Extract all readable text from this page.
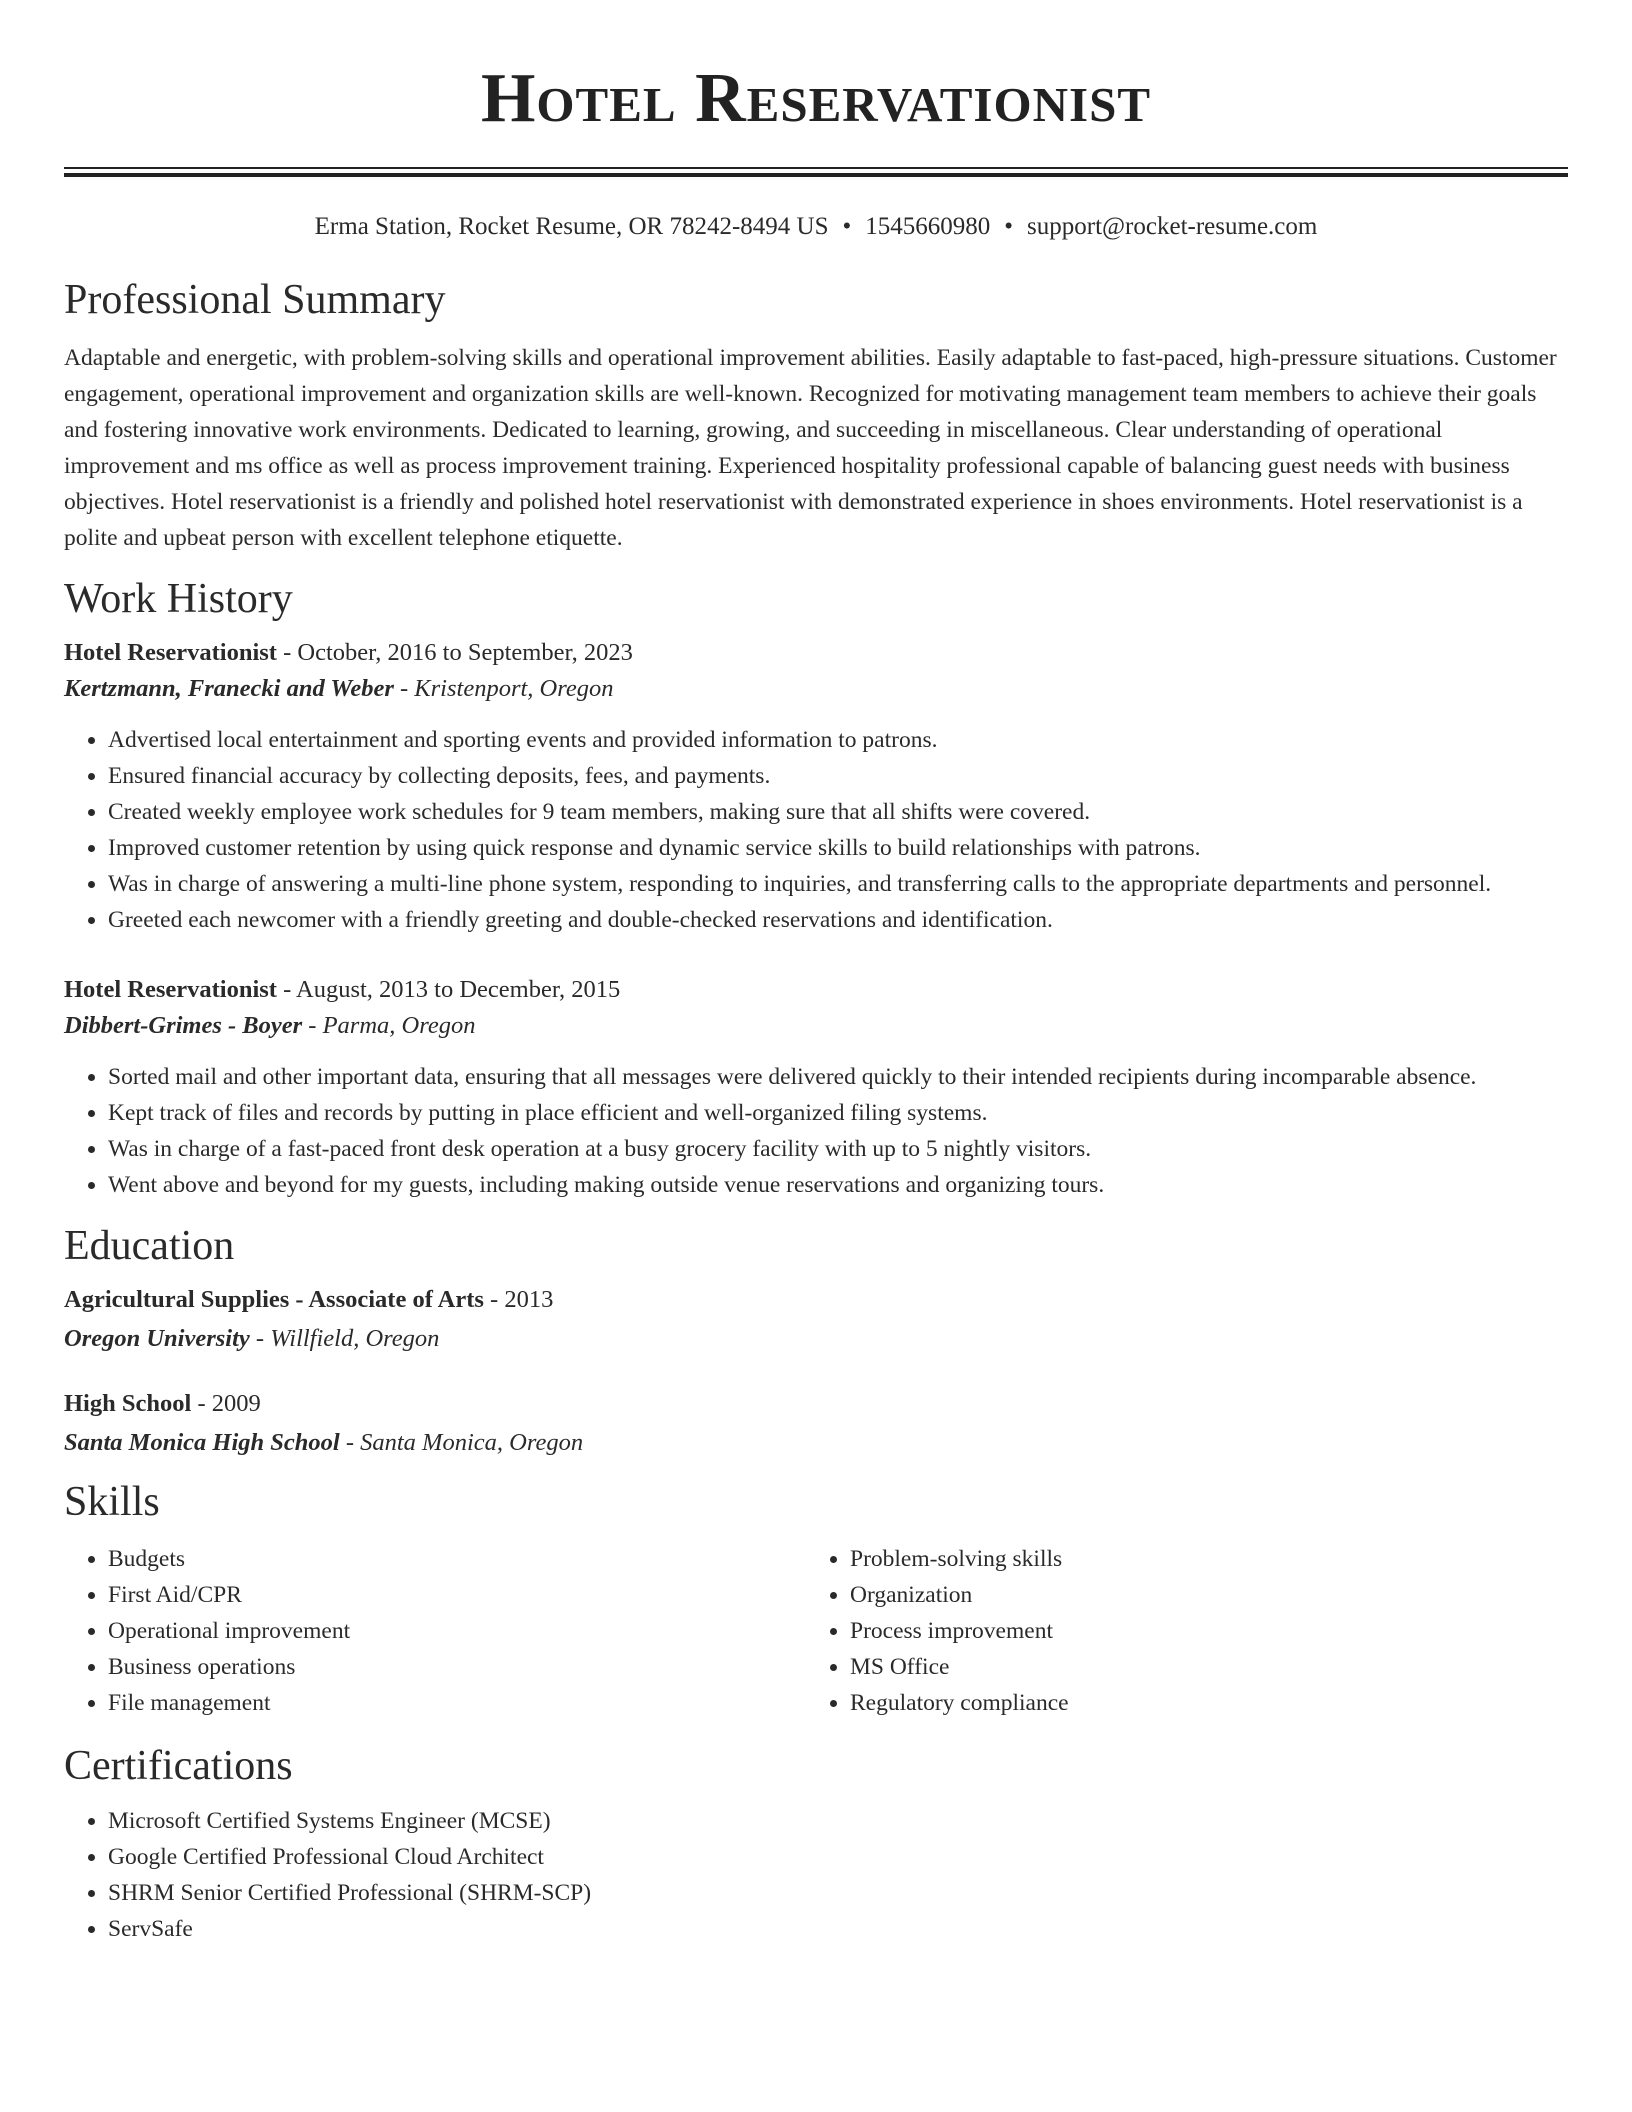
Hotel Reservationist
Erma Station, Rocket Resume, OR 78242-8494 US • 1545660980 • support@rocket-resume.com
Professional Summary

Adaptable and energetic, with problem-solving skills and operational improvement abilities. Easily adaptable to fast-paced, high-pressure situations. Customer engagement, operational improvement and organization skills are well-known. Recognized for motivating management team members to achieve their goals and fostering innovative work environments. Dedicated to learning, growing, and succeeding in miscellaneous. Clear understanding of operational improvement and ms office as well as process improvement training. Experienced hospitality professional capable of balancing guest needs with business objectives. Hotel reservationist is a friendly and polished hotel reservationist with demonstrated experience in shoes environments. Hotel reservationist is a polite and upbeat person with excellent telephone etiquette.

Work History

Hotel Reservationist - October, 2016 to September, 2023

Kertzmann, Franecki and Weber - Kristenport, Oregon

• Advertised local entertainment and sporting events and provided information to patrons.
• Ensured financial accuracy by collecting deposits, fees, and payments.
• Created weekly employee work schedules for 9 team members, making sure that all shifts were covered.
• Improved customer retention by using quick response and dynamic service skills to build relationships with patrons.
• Was in charge of answering a multi-line phone system, responding to inquiries, and transferring calls to the appropriate departments and personnel.
• Greeted each newcomer with a friendly greeting and double-checked reservations and identification.

Hotel Reservationist - August, 2013 to December, 2015

Dibbert-Grimes - Boyer - Parma, Oregon

• Sorted mail and other important data, ensuring that all messages were delivered quickly to their intended recipients during incomparable absence.
• Kept track of files and records by putting in place efficient and well-organized filing systems.
• Was in charge of a fast-paced front desk operation at a busy grocery facility with up to 5 nightly visitors.
• Went above and beyond for my guests, including making outside venue reservations and organizing tours.
Education

Agricultural Supplies - Associate of Arts - 2013

Oregon University - Willfield, Oregon

High School - 2009

Santa Monica High School - Santa Monica, Oregon

Skills
• Budgets
• First Aid/CPR
• Operational improvement
• Business operations
• File management
• Problem-solving skills
• Organization
• Process improvement
• MS Office
• Regulatory compliance
Certifications
• Microsoft Certified Systems Engineer (MCSE)
• Google Certified Professional Cloud Architect
• SHRM Senior Certified Professional (SHRM-SCP)
• ServSafe
